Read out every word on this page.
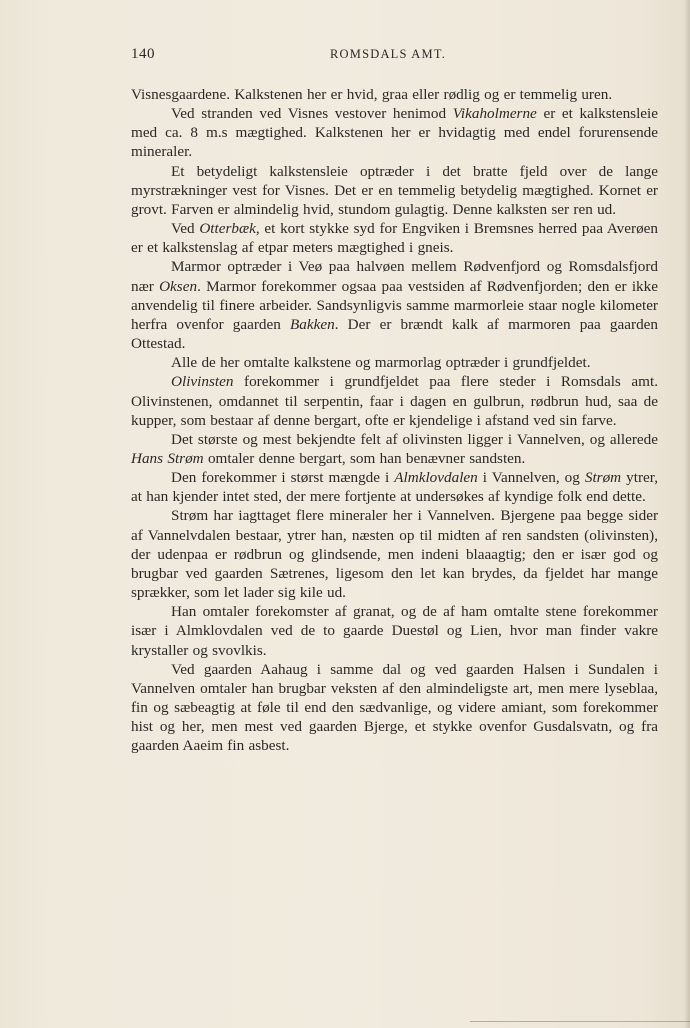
140	ROMSDALS AMT.

Visnesgaardene. Kalkstenen her er hvid, graa eller rødlig og er temmelig uren.

Ved stranden ved Visnes vestover henimod Vikaholmerne er et kalkstensleie med ca. 8 m.s mægtighed. Kalkstenen her er hvidagtig med endel forurensende mineraler.

Et betydeligt kalkstensleie optræder i det bratte fjeld over de lange myrstrækninger vest for Visnes. Det er en temmelig betydelig mægtighed. Kornet er grovt. Farven er almindelig hvid, stundom gulagtig. Denne kalksten ser ren ud.

Ved Otterbæk, et kort stykke syd for Engviken i Bremsnes herred paa Averøen er et kalkstenslag af etpar meters mægtighed i gneis.

Marmor optræder i Veø paa halvøen mellem Rødvenfjord og Romsdalsfjord nær Oksen. Marmor forekommer ogsaa paa vestsiden af Rødvenfjorden; den er ikke anvendelig til finere arbeider. Sandsynligvis samme marmorleie staar nogle kilometer herfra ovenfor gaarden Bakken. Der er brændt kalk af marmoren paa gaarden Ottestad.

Alle de her omtalte kalkstene og marmorlag optræder i grundfjeldet.

Olivinsten forekommer i grundfjeldet paa flere steder i Romsdals amt. Olivinstenen, omdannet til serpentin, faar i dagen en gulbrun, rødbrun hud, saa de kupper, som bestaar af denne bergart, ofte er kjendelige i afstand ved sin farve.

Det største og mest bekjendte felt af olivinsten ligger i Vannelven, og allerede Hans Strøm omtaler denne bergart, som han benævner sandsten.

Den forekommer i størst mængde i Almklovdalen i Vannelven, og Strøm ytrer, at han kjender intet sted, der mere fortjente at undersøkes af kyndige folk end dette.

Strøm har iagttaget flere mineraler her i Vannelven. Bjergene paa begge sider af Vannelvdalen bestaar, ytrer han, næsten op til midten af ren sandsten (olivinsten), der udenpaa er rødbrun og glindsende, men indeni blaaagtig; den er især god og brugbar ved gaarden Sætrenes, ligesom den let kan brydes, da fjeldet har mange sprækker, som let lader sig kile ud.

Han omtaler forekomster af granat, og de af ham omtalte stene forekommer især i Almklovdalen ved de to gaarde Duestøl og Lien, hvor man finder vakre krystaller og svovlkis.

Ved gaarden Aahaug i samme dal og ved gaarden Halsen i Sundalen i Vannelven omtaler han brugbar veksten af den almindeligste art, men mere lyseblaa, fin og sæbeagtig at føle til end den sædvanlige, og videre amiant, som forekommer hist og her, men mest ved gaarden Bjerge, et stykke ovenfor Gusdalsvatn, og fra gaarden Aaeim fin asbest.
